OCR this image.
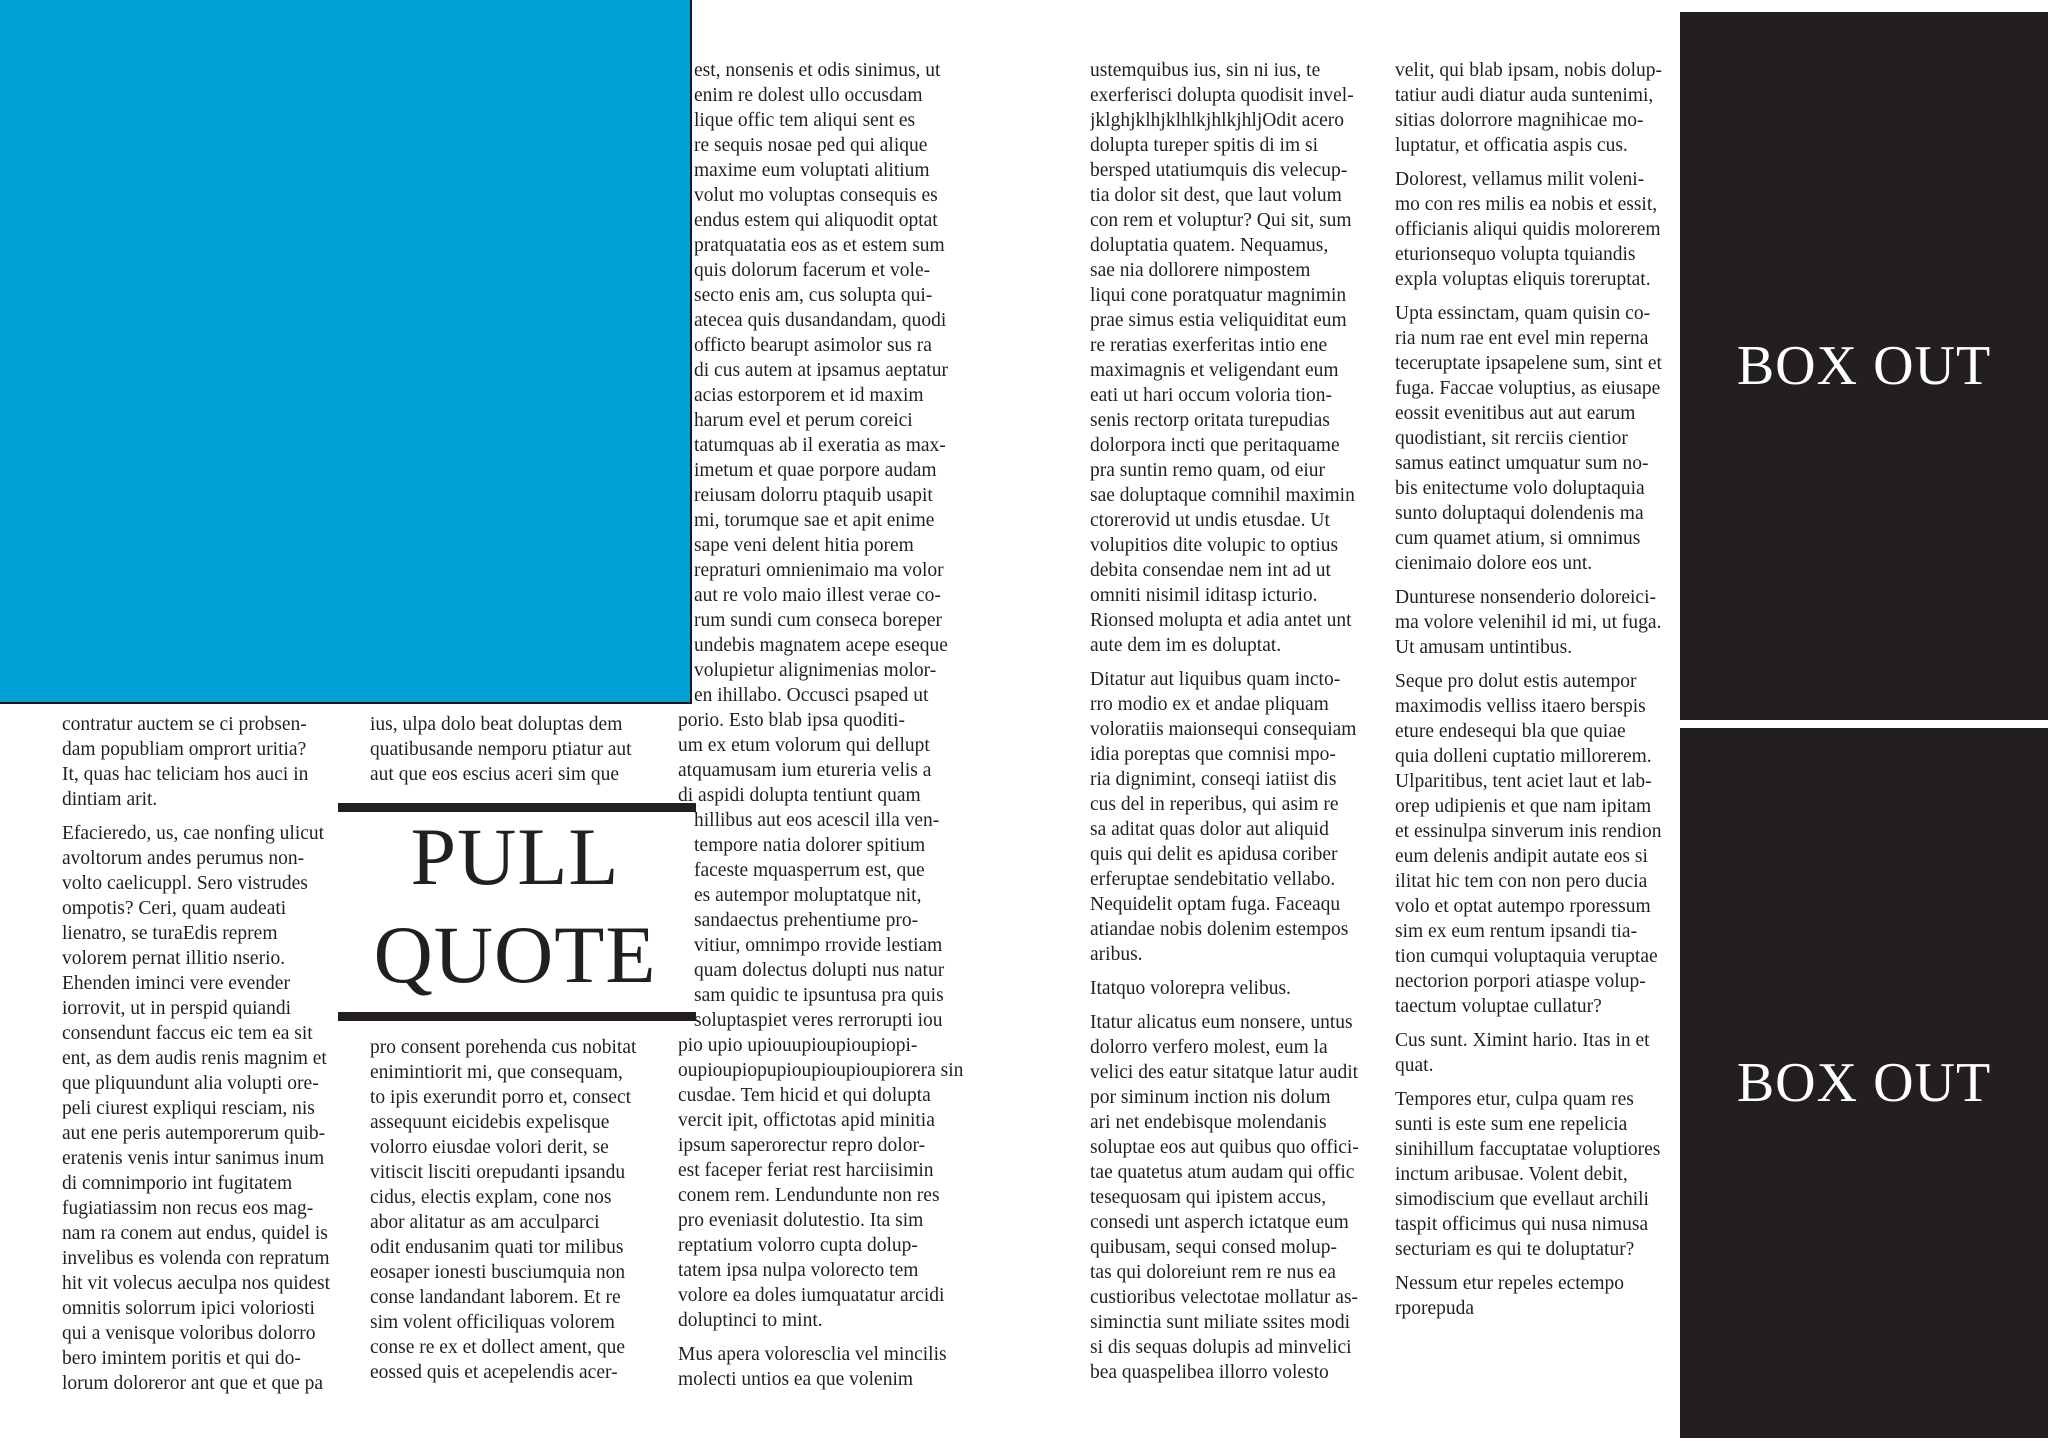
contratur auctem se ci probsen-
dam popubliam omprort uritia?
It, quas hac teliciam hos auci in
dintiam arit.

Efacieredo, us, cae nonfing ulicut
avoltorum andes perumus non-
volto caelicuppl. Sero vistrudes
ompotis? Ceri, quam audeati
lienatro, se turaEdis reprem
volorem pernat illitio nserio.
Ehenden iminci vere evender
iorrovit, ut in perspid quiandi
consendunt faccus eic tem ea sit
ent, as dem audis renis magnim et
que pliquundunt alia volupti ore-
peli ciurest expliqui resciam, nis
aut ene peris autemporerum quib-
eratenis venis intur sanimus inum
di comnimporio int fugitatem
fugiatiassim non recus eos mag-
nam ra conem aut endus, quidel is
invelibus es volenda con repratum
hit vit volecus aeculpa nos quidest
omnitis solorrum ipici voloriosti
qui a venisque voloribus dolorro
bero imintem poritis et qui do-
lorum doloreror ant que et que pa

ius, ulpa dolo beat doluptas dem
quatibusande nemporu ptiatur aut
aut que eos escius aceri sim que

PULL
QUOTE

pro consent porehenda cus nobitat
enimintiorit mi, que consequam,
to ipis exerundit porro et, consect
assequunt eicidebis expelisque
volorro eiusdae volori derit, se
vitiscit lisciti orepudanti ipsandu
cidus, electis explam, cone nos
abor alitatur as am acculparci
odit endusanim quati tor milibus
eosaper ionesti busciumquia non
conse landandant laborem. Et re
sim volent officiliquas volorem
conse re ex et dollect ament, que
eossed quis et acepelendis acer-

est, nonsenis et odis sinimus, ut
enim re dolest ullo occusdam
lique offic tem aliqui sent es
re sequis nosae ped qui alique
maxime eum voluptati alitium
volut mo voluptas consequis es
endus estem qui aliquodit optat
pratquatatia eos as et estem sum
quis dolorum facerum et vole-
secto enis am, cus solupta qui-
atecea quis dusandandam, quodi
officto bearupt asimolor sus ra
di cus autem at ipsamus aeptatur
acias estorporem et id maxim
harum evel et perum coreici
tatumquas ab il exeratia as max-
imetum et quae porpore audam
reiusam dolorru ptaquib usapit
mi, torumque sae et apit enime
sape veni delent hitia porem
repraturi omnienimaio ma volor
aut re volo maio illest verae co-
rum sundi cum conseca boreper
undebis magnatem acepe eseque
volupietur alignimenias molor-
en ihillabo. Occusci psaped ut
porio. Esto blab ipsa quoditi-
um ex etum volorum qui dellupt
atquamusam ium etureria velis a
di aspidi dolupta tentiunt quam
hillibus aut eos acescil illa ven-
tempore natia dolorer spitium
faceste mquasperrum est, que
es autempor moluptatque nit,
sandaectus prehentiume pro-
vitiur, omnimpo rrovide lestiam
quam dolectus dolupti nus natur
sam quidic te ipsuntusa pra quis
soluptaspiet veres rerrorupti iou
pio upio upiouupioupioupiopi-
oupioupiopupioupioupioupiorera sin
cusdae. Tem hicid et qui dolupta
vercit ipit, offictotas apid minitia
ipsum saperorectur repro dolor-
est faceper feriat rest harciisimin
conem rem. Lendundunte non res
pro eveniasit dolutestio. Ita sim
reptatium volorro cupta dolup-
tatem ipsa nulpa volorecto tem
volore ea doles iumquatatur arcidi
doluptinci to mint.

Mus apera voloresclia vel mincilis
molecti untios ea que volenim

ustemquibus ius, sin ni ius, te
exerferisci dolupta quodisit invel-
jklghjklhjklhlkjhlkjhljOdit acero
dolupta tureper spitis di im si
bersped utatiumquis dis velecup-
tia dolor sit dest, que laut volum
con rem et voluptur? Qui sit, sum
doluptatia quatem. Nequamus,
sae nia dollorere nimpostem
liqui cone poratquatur magnimin
prae simus estia veliquiditat eum
re reratias exerferitas intio ene
maximagnis et veligendant eum
eati ut hari occum voloria tion-
senis rectorp oritata turepudias
dolorpora incti que peritaquame
pra suntin remo quam, od eiur
sae doluptaque comnihil maximin
ctorerovid ut undis etusdae. Ut
volupitios dite volupic to optius
debita consendae nem int ad ut
omniti nisimil iditasp icturio.
Rionsed molupta et adia antet unt
aute dem im es doluptat.

Ditatur aut liquibus quam incto-
rro modio ex et andae pliquam
voloratiis maionsequi consequiam
idia poreptas que comnisi mpo-
ria dignimint, conseqi iatiist dis
cus del in reperibus, qui asim re
sa aditat quas dolor aut aliquid
quis qui delit es apidusa coriber
erferuptae sendebitatio vellabo.
Nequidelit optam fuga. Faceaqu
atiandae nobis dolenim estempos
aribus.

Itatquo volorepra velibus.

Itatur alicatus eum nonsere, untus
dolorro verfero molest, eum la
velici des eatur sitatque latur audit
por siminum inction nis dolum
ari net endebisque molendanis
soluptae eos aut quibus quo offici-
tae quatetus atum audam qui offic
tesequosam qui ipistem accus,
consedi unt asperch ictatque eum
quibusam, sequi consed molup-
tas qui doloreiunt rem re nus ea
custioribus velectotae mollatur as-
siminctia sunt miliate ssites modi
si dis sequas dolupis ad minvelici
bea quaspelibea illorro volesto

velit, qui blab ipsam, nobis dolup-
tatiur audi diatur auda suntenimi,
sitias dolorrore magnihicae mo-
luptatur, et officatia aspis cus.

Dolorest, vellamus milit voleni-
mo con res milis ea nobis et essit,
officianis aliqui quidis molorerem
eturionsequo volupta tquiandis
expla voluptas eliquis toreruptat.

Upta essinctam, quam quisin co-
ria num rae ent evel min reperna
teceruptate ipsapelene sum, sint et
fuga. Faccae voluptius, as eiusape
eossit evenitibus aut aut earum
quodistiant, sit rerciis cientior
samus eatinct umquatur sum no-
bis enitectume volo doluptaquia
sunto doluptaqui dolendenis ma
cum quamet atium, si omnimus
cienimaio dolore eos unt.

Dunturese nonsenderio doloreici-
ma volore velenihil id mi, ut fuga.
Ut amusam untintibus.

Seque pro dolut estis autempor
maximodis velliss itaero berspis
eture endesequi bla que quiae
quia dolleni cuptatio millorerem.
Ulparitibus, tent aciet laut et lab-
orep udipienis et que nam ipitam
et essinulpa sinverum inis rendion
eum delenis andipit autate eos si
ilitat hic tem con non pero ducia
volo et optat autempo rporessum
sim ex eum rentum ipsandi tia-
tion cumqui voluptaquia veruptae
nectorion porpori atiaspe volup-
taectum voluptae cullatur?

Cus sunt. Ximint hario. Itas in et
quat.

Tempores etur, culpa quam res
sunti is este sum ene repelicia
sinihillum faccuptatae voluptiores
inctum aribusae. Volent debit,
simodiscium que evellaut archili
taspit officimus qui nusa nimusa
secturiam es qui te doluptatur?

Nessum etur repeles ectempo
rporepuda

BOX OUT
BOX OUT
